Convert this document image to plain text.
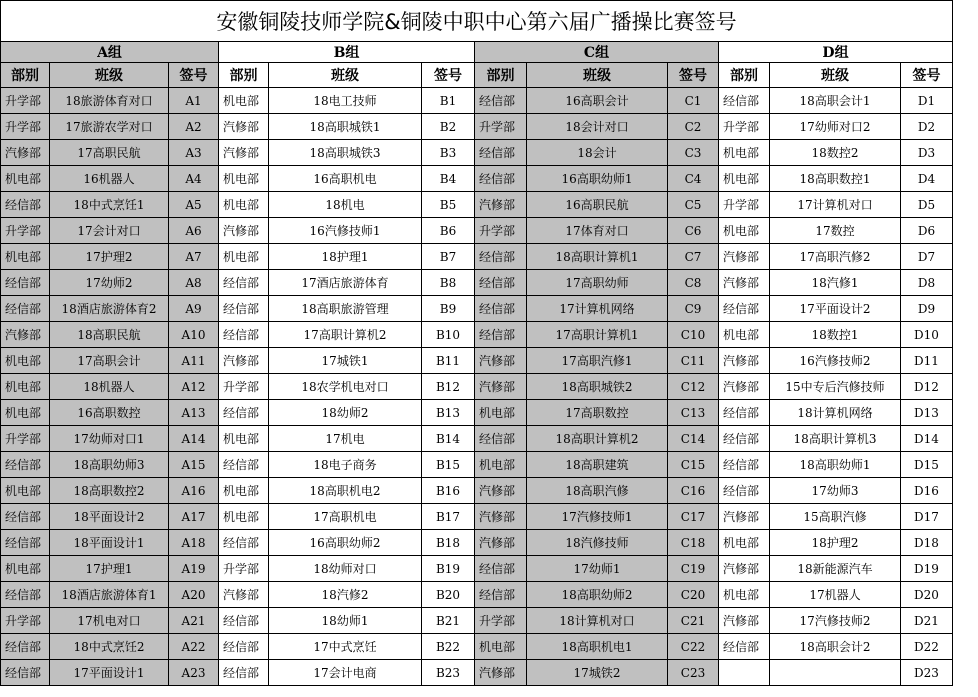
安徽铜陵技师学院&铜陵中职中心第六届广播操比赛签号											
A组			B组			C组			D组		
部别	班级	签号	部别	班级	签号	部别	班级	签号	部别	班级	签号
升学部	18旅游体育对口	A1	机电部	18电工技师	B1	经信部	16高职会计	C1	经信部	18高职会计1	D1
升学部	17旅游农学对口	A2	汽修部	18高职城铁1	B2	升学部	18会计对口	C2	升学部	17幼师对口2	D2
汽修部	17高职民航	A3	汽修部	18高职城铁3	B3	经信部	18会计	C3	机电部	18数控2	D3
机电部	16机器人	A4	机电部	16高职机电	B4	经信部	16高职幼师1	C4	机电部	18高职数控1	D4
经信部	18中式烹饪1	A5	机电部	18机电	B5	汽修部	16高职民航	C5	升学部	17计算机对口	D5
升学部	17会计对口	A6	汽修部	16汽修技师1	B6	升学部	17体育对口	C6	机电部	17数控	D6
机电部	17护理2	A7	机电部	18护理1	B7	经信部	18高职计算机1	C7	汽修部	17高职汽修2	D7
经信部	17幼师2	A8	经信部	17酒店旅游体育	B8	经信部	17高职幼师	C8	汽修部	18汽修1	D8
经信部	18酒店旅游体育2	A9	经信部	18高职旅游管理	B9	经信部	17计算机网络	C9	经信部	17平面设计2	D9
汽修部	18高职民航	A10	经信部	17高职计算机2	B10	经信部	17高职计算机1	C10	机电部	18数控1	D10
机电部	17高职会计	A11	汽修部	17城铁1	B11	汽修部	17高职汽修1	C11	汽修部	16汽修技师2	D11
机电部	18机器人	A12	升学部	18农学机电对口	B12	汽修部	18高职城铁2	C12	汽修部	15中专后汽修技师	D12
机电部	16高职数控	A13	经信部	18幼师2	B13	机电部	17高职数控	C13	经信部	18计算机网络	D13
升学部	17幼师对口1	A14	机电部	17机电	B14	经信部	18高职计算机2	C14	经信部	18高职计算机3	D14
经信部	18高职幼师3	A15	经信部	18电子商务	B15	机电部	18高职建筑	C15	经信部	18高职幼师1	D15
机电部	18高职数控2	A16	机电部	18高职机电2	B16	汽修部	18高职汽修	C16	经信部	17幼师3	D16
经信部	18平面设计2	A17	机电部	17高职机电	B17	汽修部	17汽修技师1	C17	汽修部	15高职汽修	D17
经信部	18平面设计1	A18	经信部	16高职幼师2	B18	汽修部	18汽修技师	C18	机电部	18护理2	D18
机电部	17护理1	A19	升学部	18幼师对口	B19	经信部	17幼师1	C19	汽修部	18新能源汽车	D19
经信部	18酒店旅游体育1	A20	汽修部	18汽修2	B20	经信部	18高职幼师2	C20	机电部	17机器人	D20
升学部	17机电对口	A21	经信部	18幼师1	B21	升学部	18计算机对口	C21	汽修部	17汽修技师2	D21
经信部	18中式烹饪2	A22	经信部	17中式烹饪	B22	机电部	18高职机电1	C22	经信部	18高职会计2	D22
经信部	17平面设计1	A23	经信部	17会计电商	B23	汽修部	17城铁2	C23			D23
